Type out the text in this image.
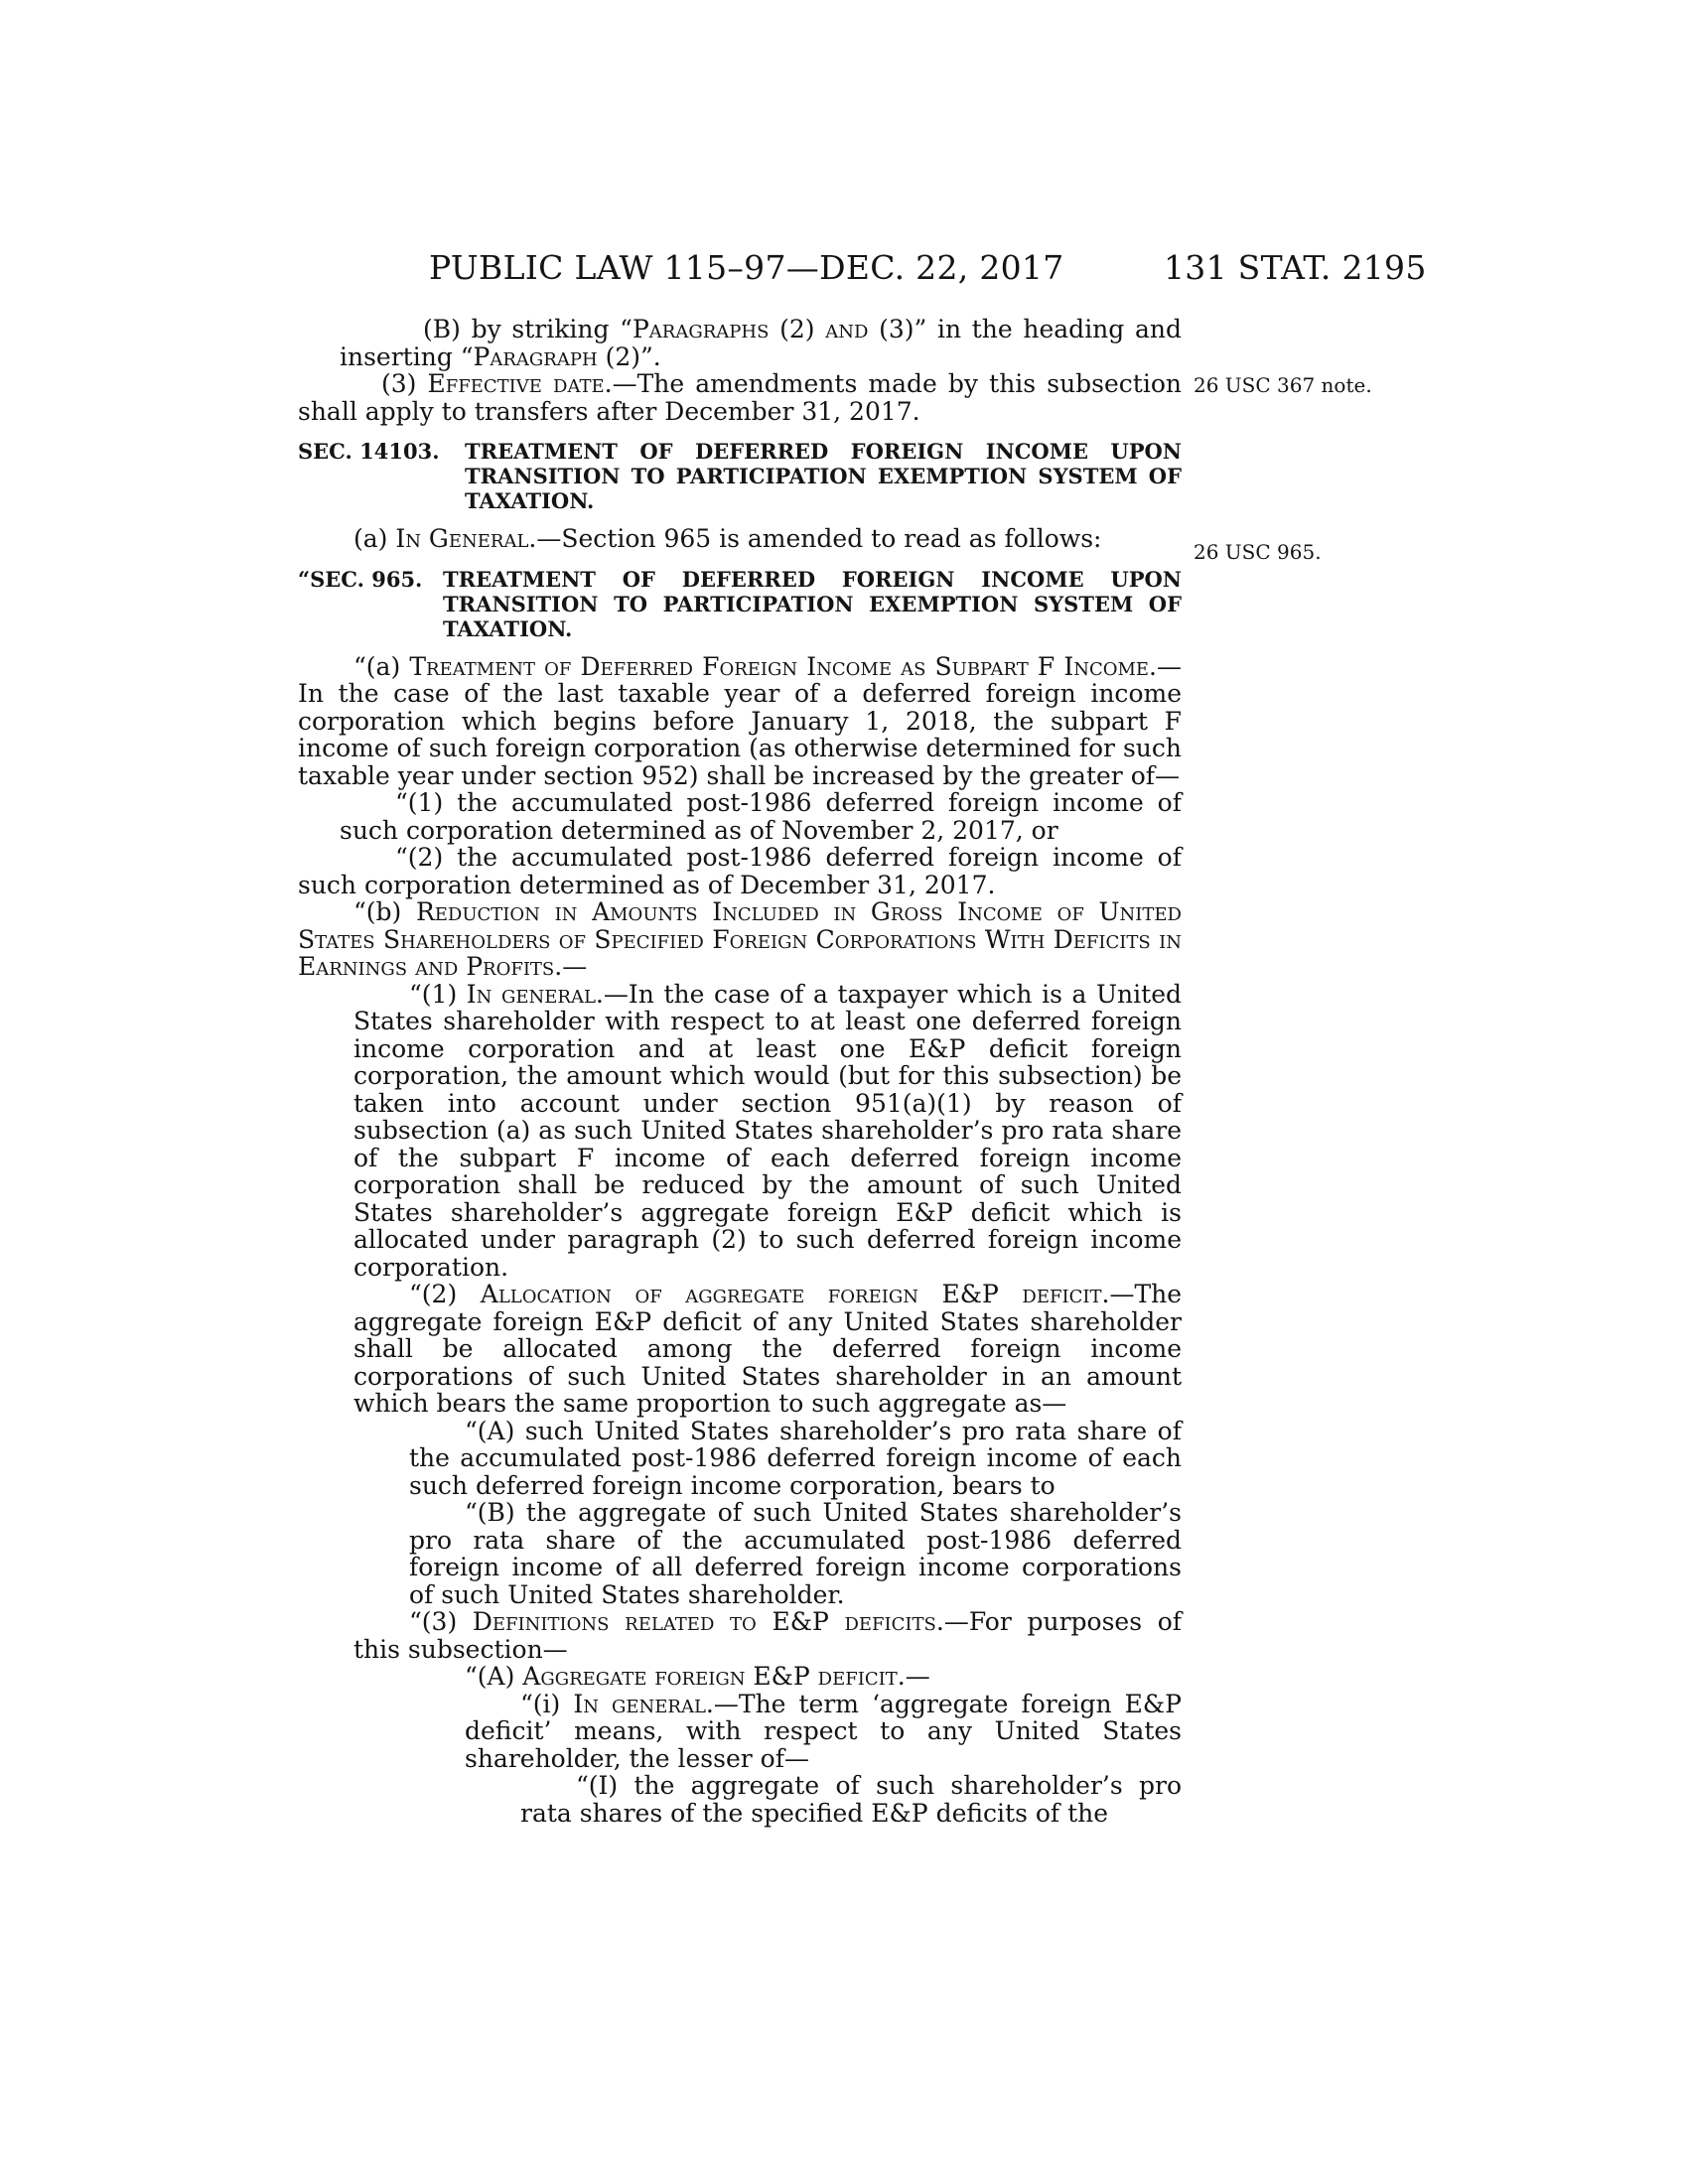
PUBLIC LAW 115–97—DEC. 22, 2017	131 STAT. 2195
26 USC 367 note.
26 USC 965.

(B) by striking “Paragraphs (2) and (3)” in the heading and inserting “Paragraph (2)”.

(3) Effective date.—The amendments made by this subsection shall apply to transfers after December 31, 2017.

SEC. 14103.	TREATMENT OF DEFERRED FOREIGN INCOME UPON TRANSITION TO PARTICIPATION EXEMPTION SYSTEM OF TAXATION.

(a) In General.—Section 965 is amended to read as follows:

“SEC. 965. TREATMENT OF DEFERRED FOREIGN INCOME UPON TRANSITION TO PARTICIPATION EXEMPTION SYSTEM OF TAXATION.

“(a) Treatment of Deferred Foreign Income as Subpart F Income.—In the case of the last taxable year of a deferred foreign income corporation which begins before January 1, 2018, the subpart F income of such foreign corporation (as otherwise determined for such taxable year under section 952) shall be increased by the greater of—

“(1) the accumulated post-1986 deferred foreign income of such corporation determined as of November 2, 2017, or

“(2) the accumulated post-1986 deferred foreign income of such corporation determined as of December 31, 2017.

“(b) Reduction in Amounts Included in Gross Income of United States Shareholders of Specified Foreign Corporations With Deficits in Earnings and Profits.—

“(1) In general.—In the case of a taxpayer which is a United States shareholder with respect to at least one deferred foreign income corporation and at least one E&P deficit foreign corporation, the amount which would (but for this subsection) be taken into account under section 951(a)(1) by reason of subsection (a) as such United States shareholder’s pro rata share of the subpart F income of each deferred foreign income corporation shall be reduced by the amount of such United States shareholder’s aggregate foreign E&P deficit which is allocated under paragraph (2) to such deferred foreign income corporation.

“(2) Allocation of aggregate foreign E&P deficit.—The aggregate foreign E&P deficit of any United States shareholder shall be allocated among the deferred foreign income corporations of such United States shareholder in an amount which bears the same proportion to such aggregate as—

“(A) such United States shareholder’s pro rata share of the accumulated post-1986 deferred foreign income of each such deferred foreign income corporation, bears to

“(B) the aggregate of such United States shareholder’s pro rata share of the accumulated post-1986 deferred foreign income of all deferred foreign income corporations of such United States shareholder.

“(3) Definitions related to E&P deficits.—For purposes of this subsection—

“(A) Aggregate foreign E&P deficit.—

“(i) In general.—The term ‘aggregate foreign E&P deficit’ means, with respect to any United States shareholder, the lesser of—

“(I) the aggregate of such shareholder’s pro rata shares of the specified E&P deficits of the
